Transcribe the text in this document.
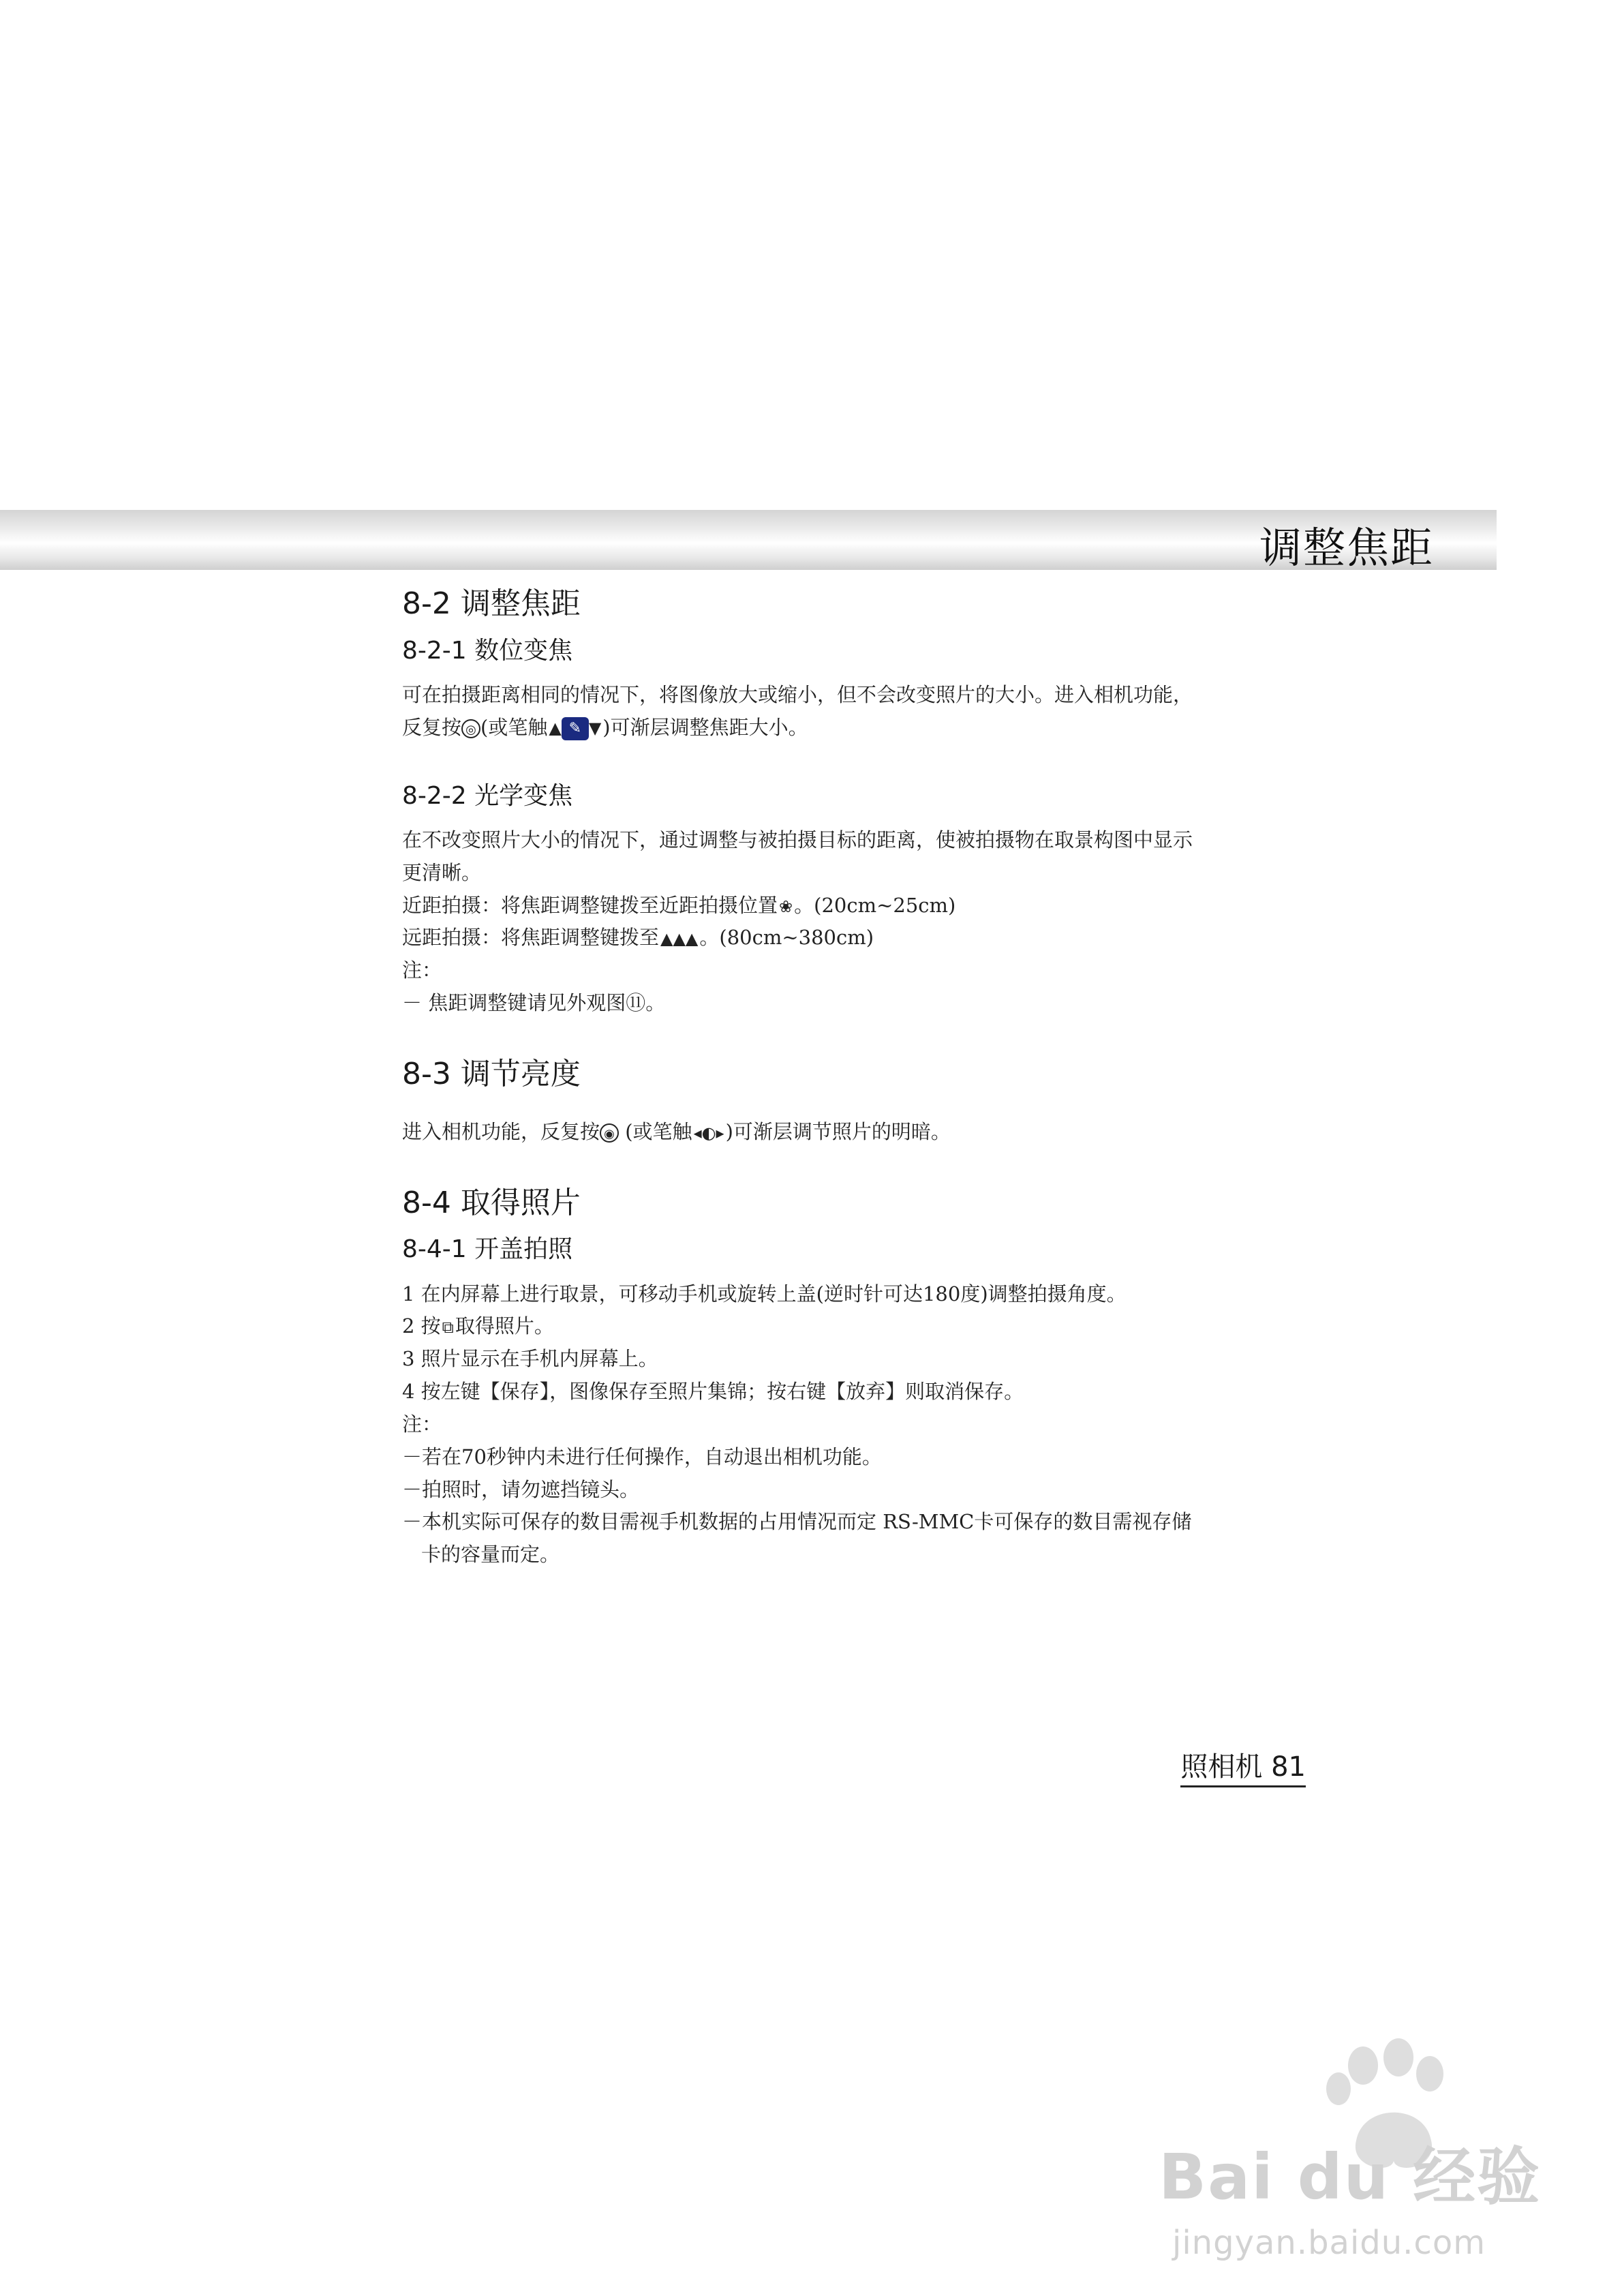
调整焦距

8-2 调整焦距

8-2-1 数位变焦

可在拍摄距离相同的情况下，将图像放大或缩小，但不会改变照片的大小。进入相机功能，

反复按 ◎ (或笔触▲ ✎ ▼)可渐层调整焦距大小。

8-2-2 光学变焦

在不改变照片大小的情况下，通过调整与被拍摄目标的距离，使被拍摄物在取景构图中显示

更清晰。

近距拍摄：将焦距调整键拨至近距拍摄位置❀。(20cm~25cm)

远距拍摄：将焦距调整键拨至▲▲▲。(80cm~380cm)

注：

－ 焦距调整键请见外观图⑪。

8-3 调节亮度

进入相机功能，反复按 ◉ (或笔触◂◐▸)可渐层调节照片的明暗。

8-4 取得照片

8-4-1 开盖拍照

1 在内屏幕上进行取景，可移动手机或旋转上盖(逆时针可达180度)调整拍摄角度。

2 按⧉取得照片。

3 照片显示在手机内屏幕上。

4 按左键【保存】，图像保存至照片集锦；按右键【放弃】则取消保存。

注：

－若在70秒钟内未进行任何操作，自动退出相机功能。

－拍照时，请勿遮挡镜头。

－本机实际可保存的数目需视手机数据的占用情况而定 RS-MMC卡可保存的数目需视存储

卡的容量而定。

照相机 81
Bai du 经验
jingyan.baidu.com
